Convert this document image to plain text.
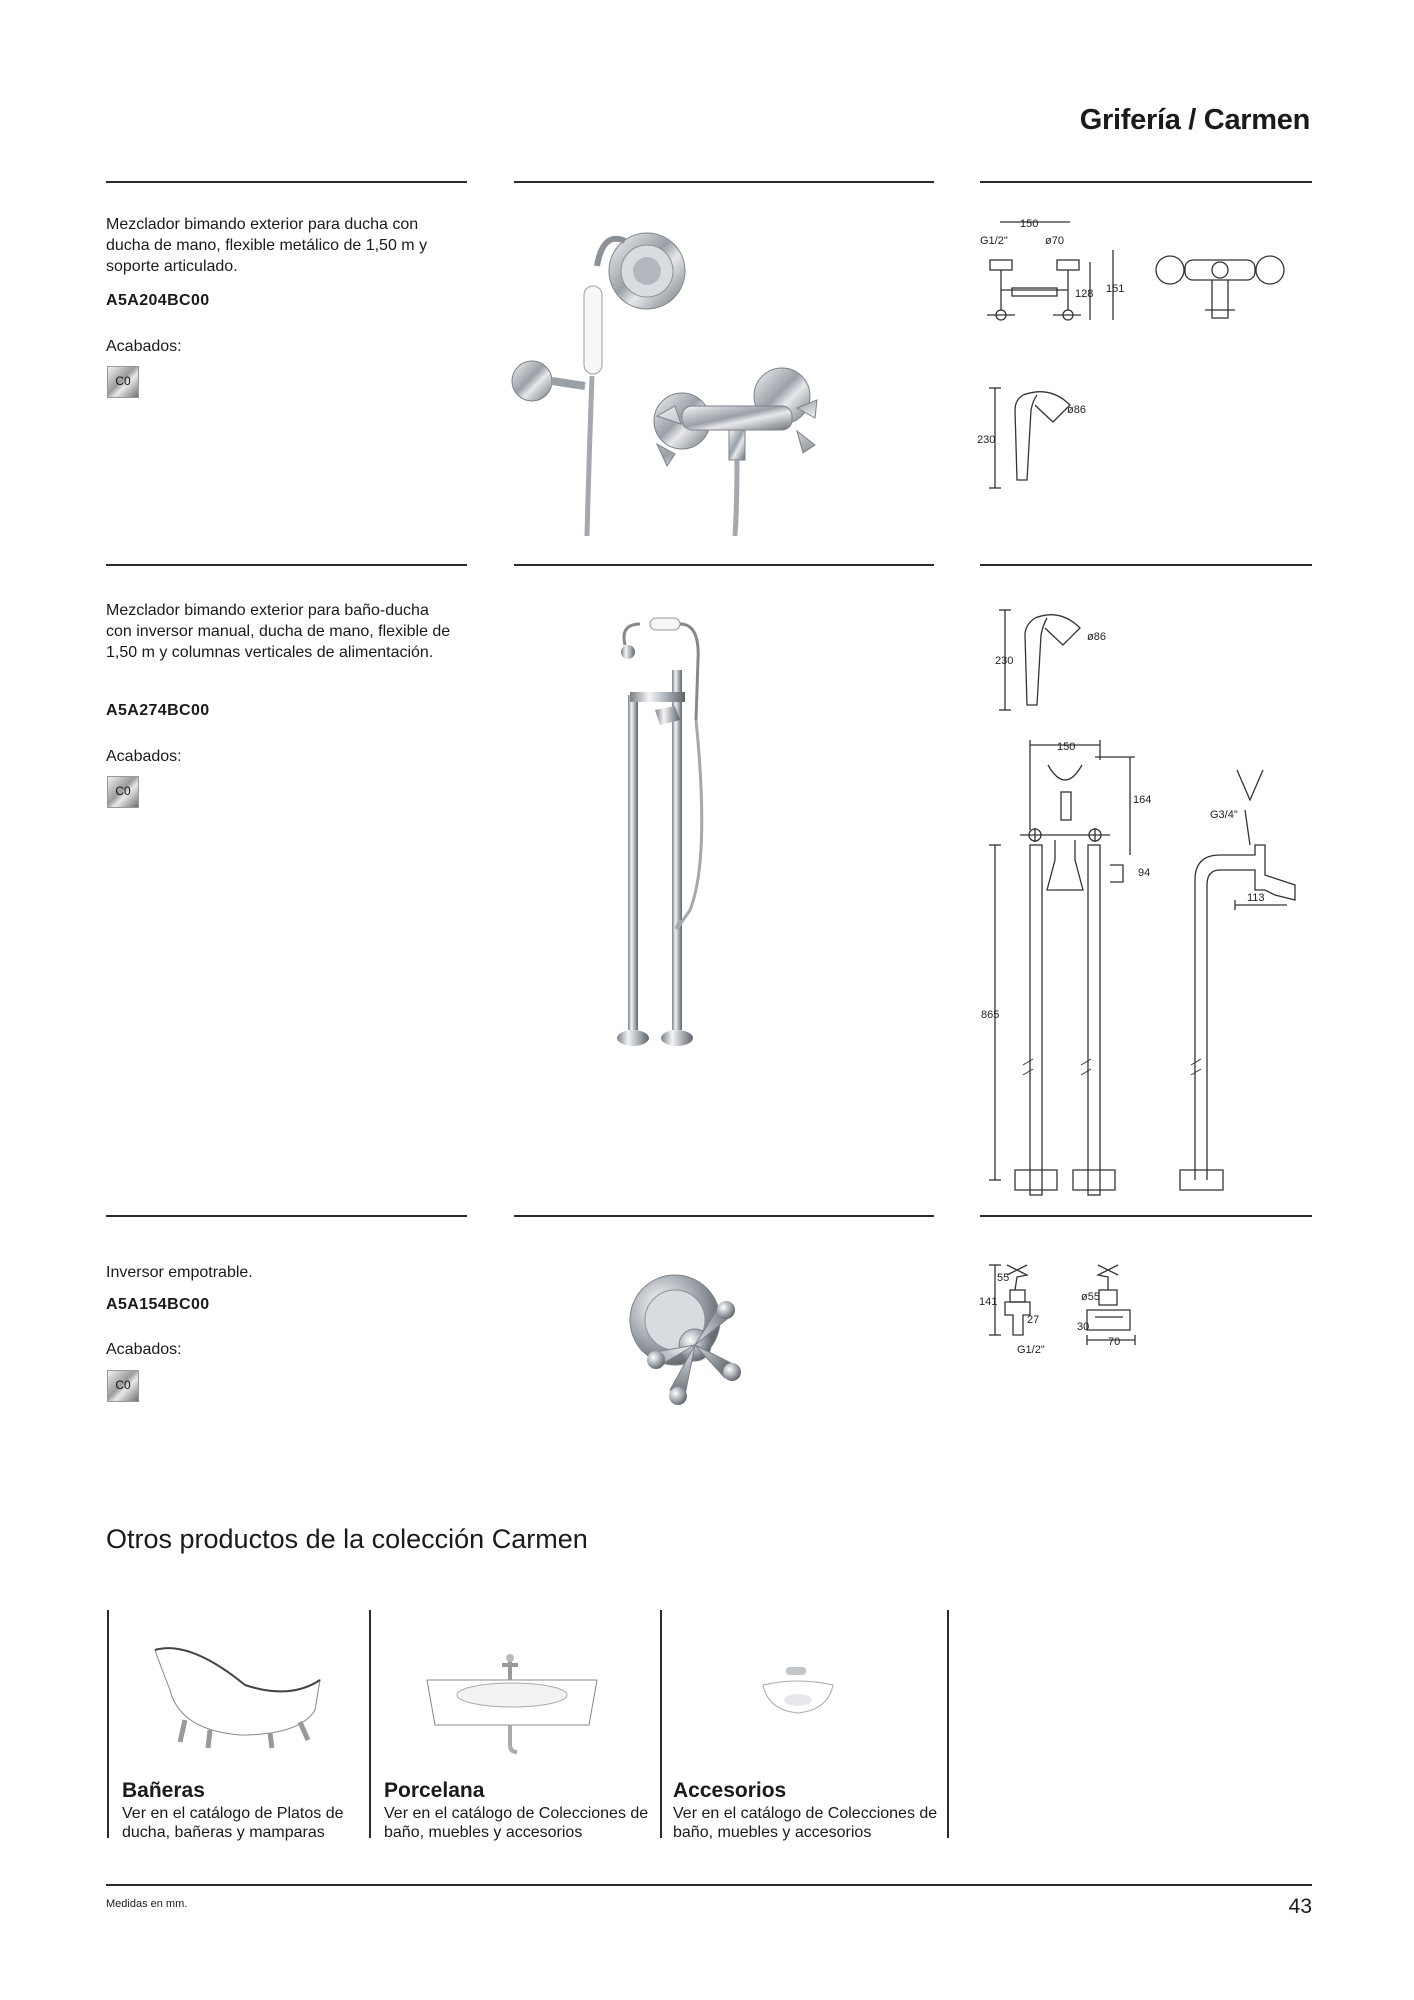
Grifería / Carmen
Mezclador bimando exterior para ducha con ducha de mano, flexible metálico de 1,50 m y soporte articulado.
A5A204BC00
Acabados:
C0
150
G1/2"	ø70
128 151
230
ø86
Mezclador bimando exterior para baño-ducha con inversor manual, ducha de mano, flexible de 1,50 m y columnas verticales de alimentación.
A5A274BC00
Acabados:
C0
230
ø86
150
164
94
865
G3/4"
113
Inversor empotrable.
A5A154BC00
Acabados:
C0
141
55
27
G1/2"
ø55
30
70
Otros productos de la colección Carmen
Bañeras
Ver en el catálogo de Platos de ducha, bañeras y mamparas
Porcelana
Ver en el catálogo de Colecciones de baño, muebles y accesorios
Accesorios
Ver en el catálogo de Colecciones de baño, muebles y accesorios
Medidas en mm.	43
